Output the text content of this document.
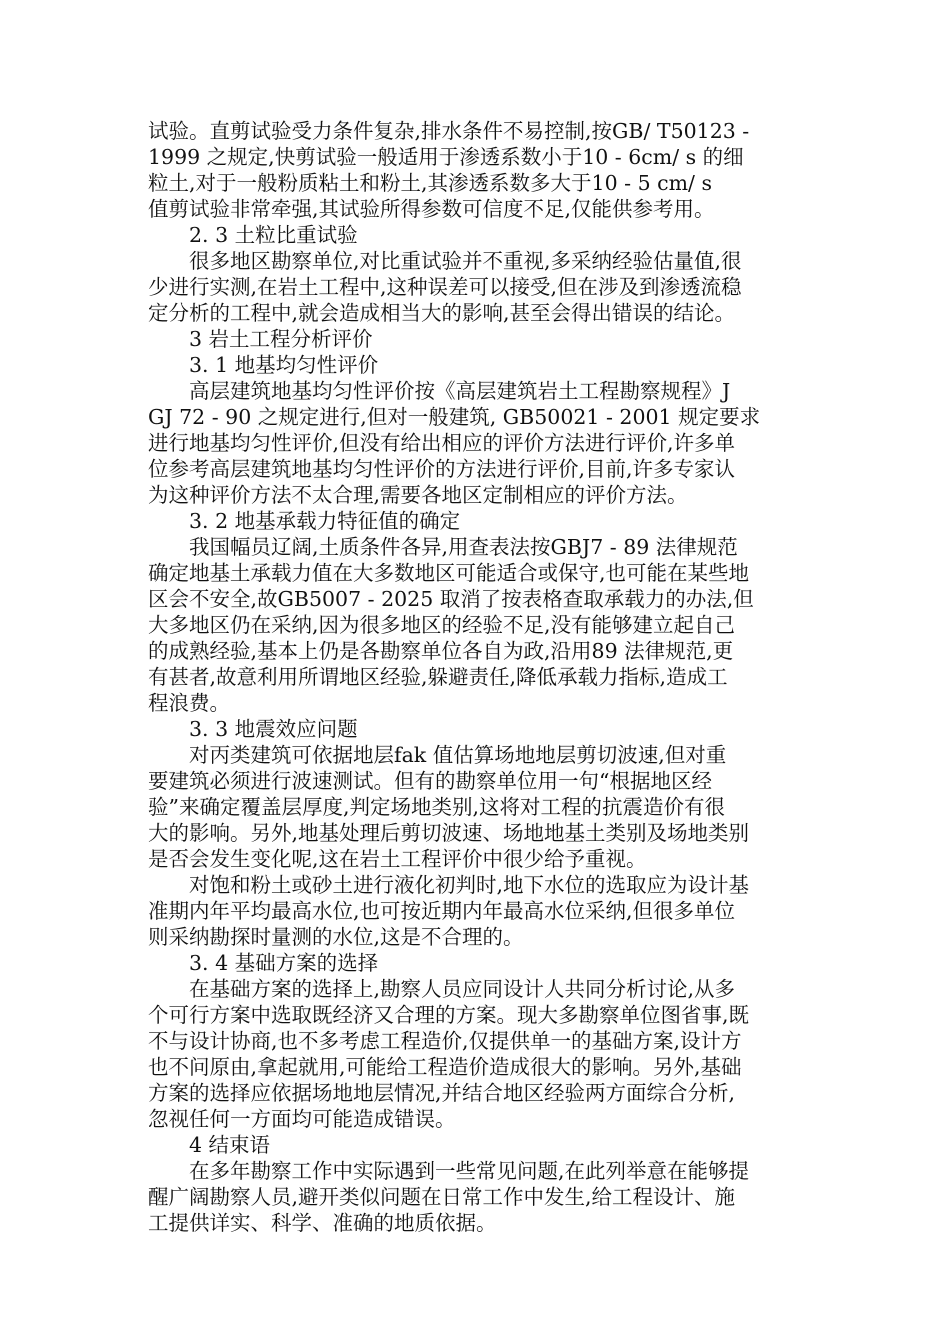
试验。直剪试验受力条件复杂,排水条件不易控制,按GB/ T50123 -
1999 之规定,快剪试验一般适用于渗透系数小于10 - 6cm/ s 的细
粒土,对于一般粉质粘土和粉土,其渗透系数多大于10 - 5 cm/ s
值剪试验非常牵强,其试验所得参数可信度不足,仅能供参考用。
2. 3 土粒比重试验
很多地区勘察单位,对比重试验并不重视,多采纳经验估量值,很
少进行实测,在岩土工程中,这种误差可以接受,但在涉及到渗透流稳
定分析的工程中,就会造成相当大的影响,甚至会得出错误的结论。
3 岩土工程分析评价
3. 1 地基均匀性评价
高层建筑地基均匀性评价按《高层建筑岩土工程勘察规程》J
GJ 72 - 90 之规定进行,但对一般建筑, GB50021 - 2001 规定要求
进行地基均匀性评价,但没有给出相应的评价方法进行评价,许多单
位参考高层建筑地基均匀性评价的方法进行评价,目前,许多专家认
为这种评价方法不太合理,需要各地区定制相应的评价方法。
3. 2 地基承载力特征值的确定
我国幅员辽阔,土质条件各异,用查表法按GBJ7 - 89 法律规范
确定地基土承载力值在大多数地区可能适合或保守,也可能在某些地
区会不安全,故GB5007 - 2025 取消了按表格查取承载力的办法,但
大多地区仍在采纳,因为很多地区的经验不足,没有能够建立起自己
的成熟经验,基本上仍是各勘察单位各自为政,沿用89 法律规范,更
有甚者,故意利用所谓地区经验,躲避责任,降低承载力指标,造成工
程浪费。
3. 3 地震效应问题
对丙类建筑可依据地层fak 值估算场地地层剪切波速,但对重
要建筑必须进行波速测试。但有的勘察单位用一句“根据地区经
验”来确定覆盖层厚度,判定场地类别,这将对工程的抗震造价有很
大的影响。另外,地基处理后剪切波速、场地地基土类别及场地类别
是否会发生变化呢,这在岩土工程评价中很少给予重视。
对饱和粉土或砂土进行液化初判时,地下水位的选取应为设计基
准期内年平均最高水位,也可按近期内年最高水位采纳,但很多单位
则采纳勘探时量测的水位,这是不合理的。
3. 4 基础方案的选择
在基础方案的选择上,勘察人员应同设计人共同分析讨论,从多
个可行方案中选取既经济又合理的方案。现大多勘察单位图省事,既
不与设计协商,也不多考虑工程造价,仅提供单一的基础方案,设计方
也不问原由,拿起就用,可能给工程造价造成很大的影响。另外,基础
方案的选择应依据场地地层情况,并结合地区经验两方面综合分析,
忽视任何一方面均可能造成错误。
4 结束语
在多年勘察工作中实际遇到一些常见问题,在此列举意在能够提
醒广阔勘察人员,避开类似问题在日常工作中发生,给工程设计、施
工提供详实、科学、准确的地质依据。
